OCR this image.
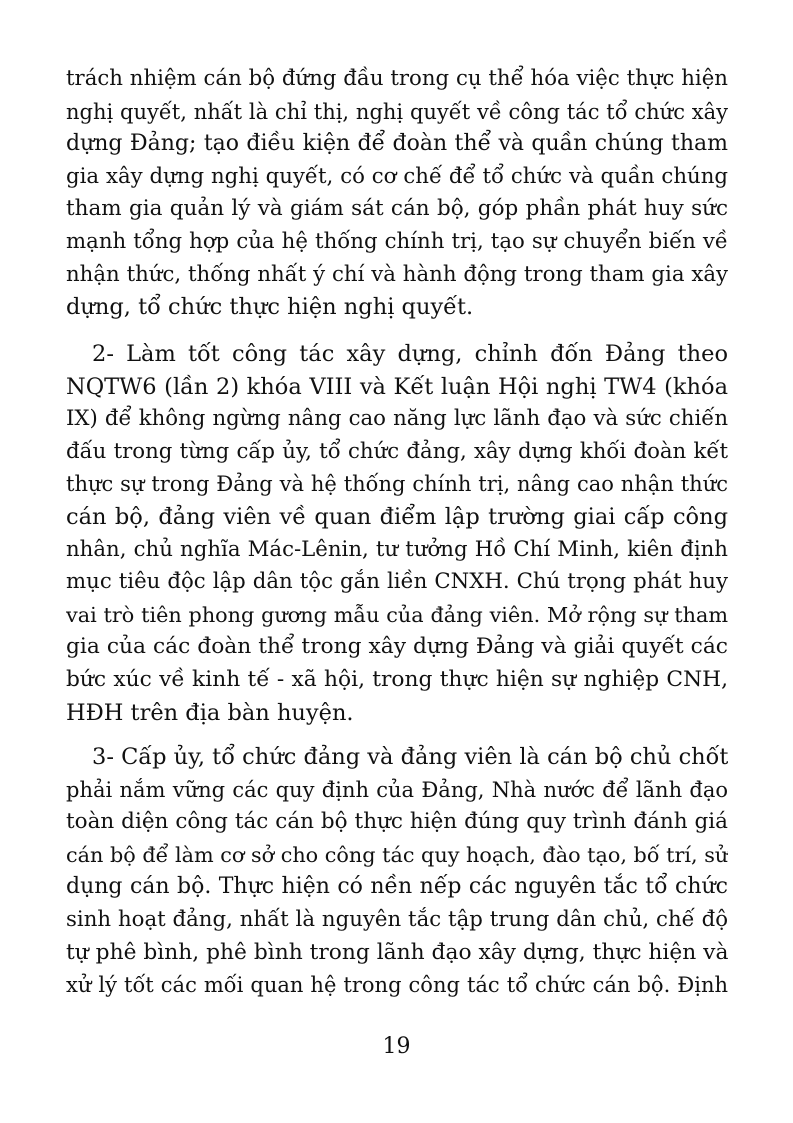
trách nhiệm cán bộ đứng đầu trong cụ thể hóa việc thực hiện
nghị quyết, nhất là chỉ thị, nghị quyết về công tác tổ chức xây
dựng Đảng; tạo điều kiện để đoàn thể và quần chúng tham
gia xây dựng nghị quyết, có cơ chế để tổ chức và quần chúng
tham gia quản lý và giám sát cán bộ, góp phần phát huy sức
mạnh tổng hợp của hệ thống chính trị, tạo sự chuyển biến về
nhận thức, thống nhất ý chí và hành động trong tham gia xây
dựng, tổ chức thực hiện nghị quyết.
2- Làm tốt công tác xây dựng, chỉnh đốn Đảng theo
NQTW6 (lần 2) khóa VIII và Kết luận Hội nghị TW4 (khóa
IX) để không ngừng nâng cao năng lực lãnh đạo và sức chiến
đấu trong từng cấp ủy, tổ chức đảng, xây dựng khối đoàn kết
thực sự trong Đảng và hệ thống chính trị, nâng cao nhận thức
cán bộ, đảng viên về quan điểm lập trường giai cấp công
nhân, chủ nghĩa Mác-Lênin, tư tưởng Hồ Chí Minh, kiên định
mục tiêu độc lập dân tộc gắn liền CNXH. Chú trọng phát huy
vai trò tiên phong gương mẫu của đảng viên. Mở rộng sự tham
gia của các đoàn thể trong xây dựng Đảng và giải quyết các
bức xúc về kinh tế - xã hội, trong thực hiện sự nghiệp CNH,
HĐH trên địa bàn huyện.
3- Cấp ủy, tổ chức đảng và đảng viên là cán bộ chủ chốt
phải nắm vững các quy định của Đảng, Nhà nước để lãnh đạo
toàn diện công tác cán bộ thực hiện đúng quy trình đánh giá
cán bộ để làm cơ sở cho công tác quy hoạch, đào tạo, bố trí, sử
dụng cán bộ. Thực hiện có nền nếp các nguyên tắc tổ chức
sinh hoạt đảng, nhất là nguyên tắc tập trung dân chủ, chế độ
tự phê bình, phê bình trong lãnh đạo xây dựng, thực hiện và
xử lý tốt các mối quan hệ trong công tác tổ chức cán bộ. Định
19
